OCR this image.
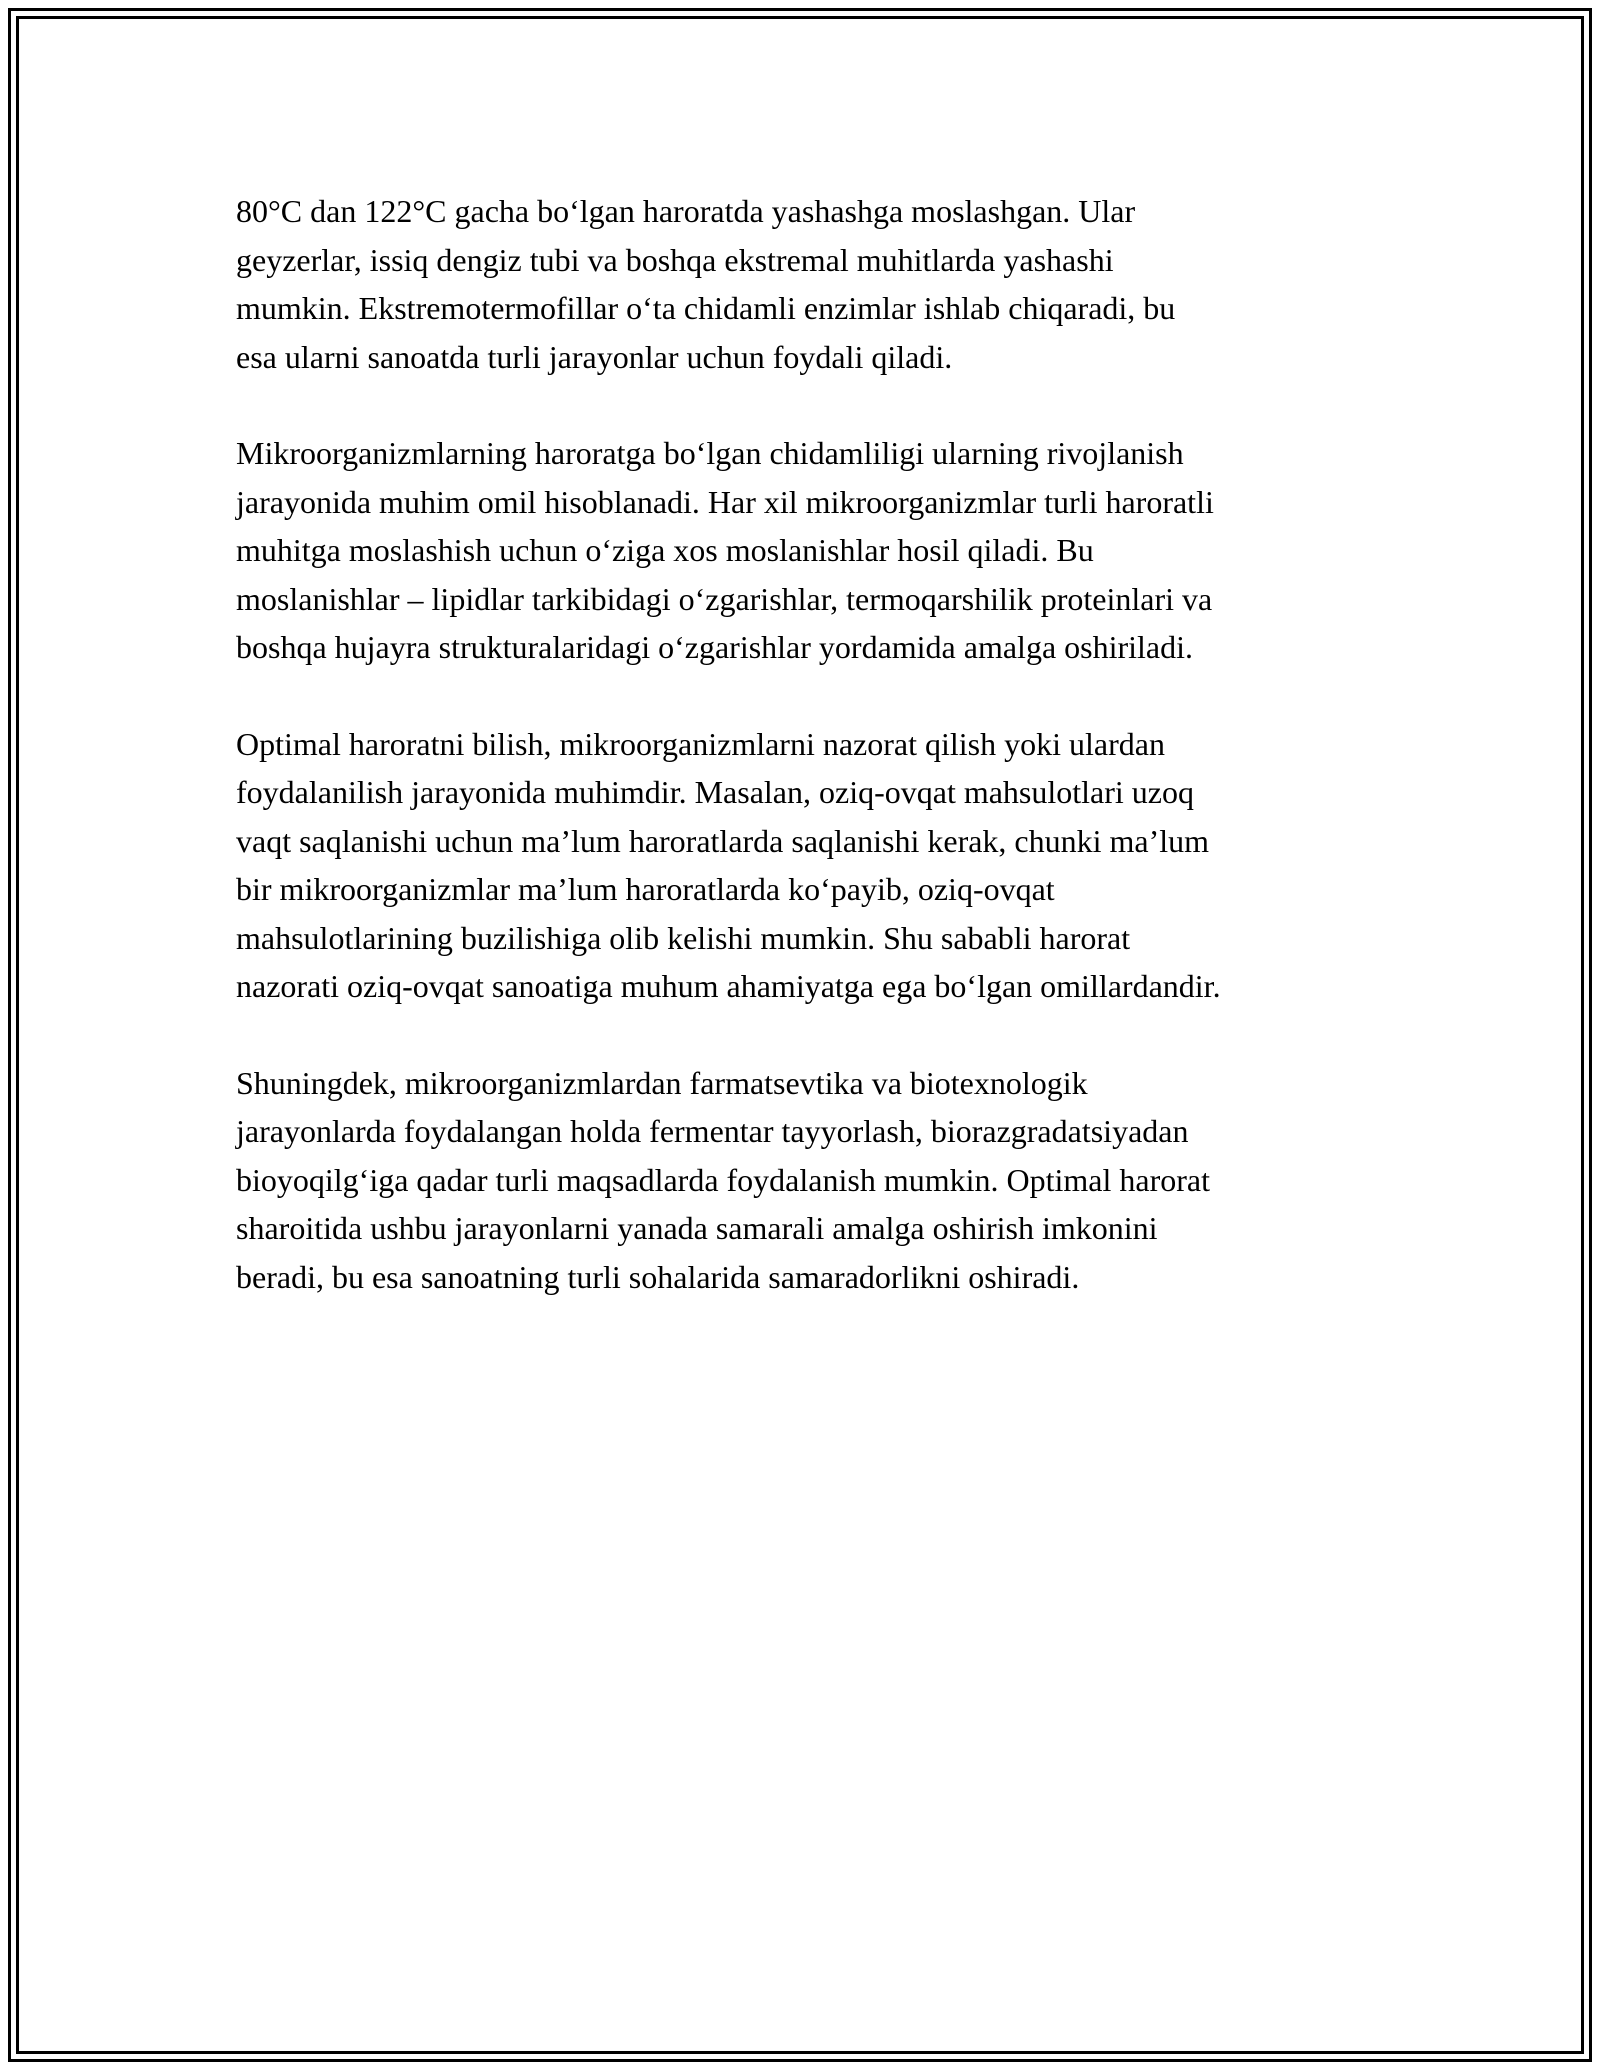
80°C dan 122°C gacha bo‘lgan haroratda yashashga moslashgan. Ular
geyzerlar, issiq dengiz tubi va boshqa ekstremal muhitlarda yashashi
mumkin. Ekstremotermofillar o‘ta chidamli enzimlar ishlab chiqaradi, bu
esa ularni sanoatda turli jarayonlar uchun foydali qiladi.

Mikroorganizmlarning haroratga bo‘lgan chidamliligi ularning rivojlanish
jarayonida muhim omil hisoblanadi. Har xil mikroorganizmlar turli haroratli
muhitga moslashish uchun o‘ziga xos moslanishlar hosil qiladi. Bu
moslanishlar – lipidlar tarkibidagi o‘zgarishlar, termoqarshilik proteinlari va
boshqa hujayra strukturalaridagi o‘zgarishlar yordamida amalga oshiriladi.

Optimal haroratni bilish, mikroorganizmlarni nazorat qilish yoki ulardan
foydalanilish jarayonida muhimdir. Masalan, oziq-ovqat mahsulotlari uzoq
vaqt saqlanishi uchun ma’lum haroratlarda saqlanishi kerak, chunki ma’lum
bir mikroorganizmlar ma’lum haroratlarda ko‘payib, oziq-ovqat
mahsulotlarining buzilishiga olib kelishi mumkin. Shu sababli harorat
nazorati oziq-ovqat sanoatiga muhum ahamiyatga ega bo‘lgan omillardandir.

Shuningdek, mikroorganizmlardan farmatsevtika va biotexnologik
jarayonlarda foydalangan holda fermentar tayyorlash, biorazgradatsiyadan
bioyoqilg‘iga qadar turli maqsadlarda foydalanish mumkin. Optimal harorat
sharoitida ushbu jarayonlarni yanada samarali amalga oshirish imkonini
beradi, bu esa sanoatning turli sohalarida samaradorlikni oshiradi.
